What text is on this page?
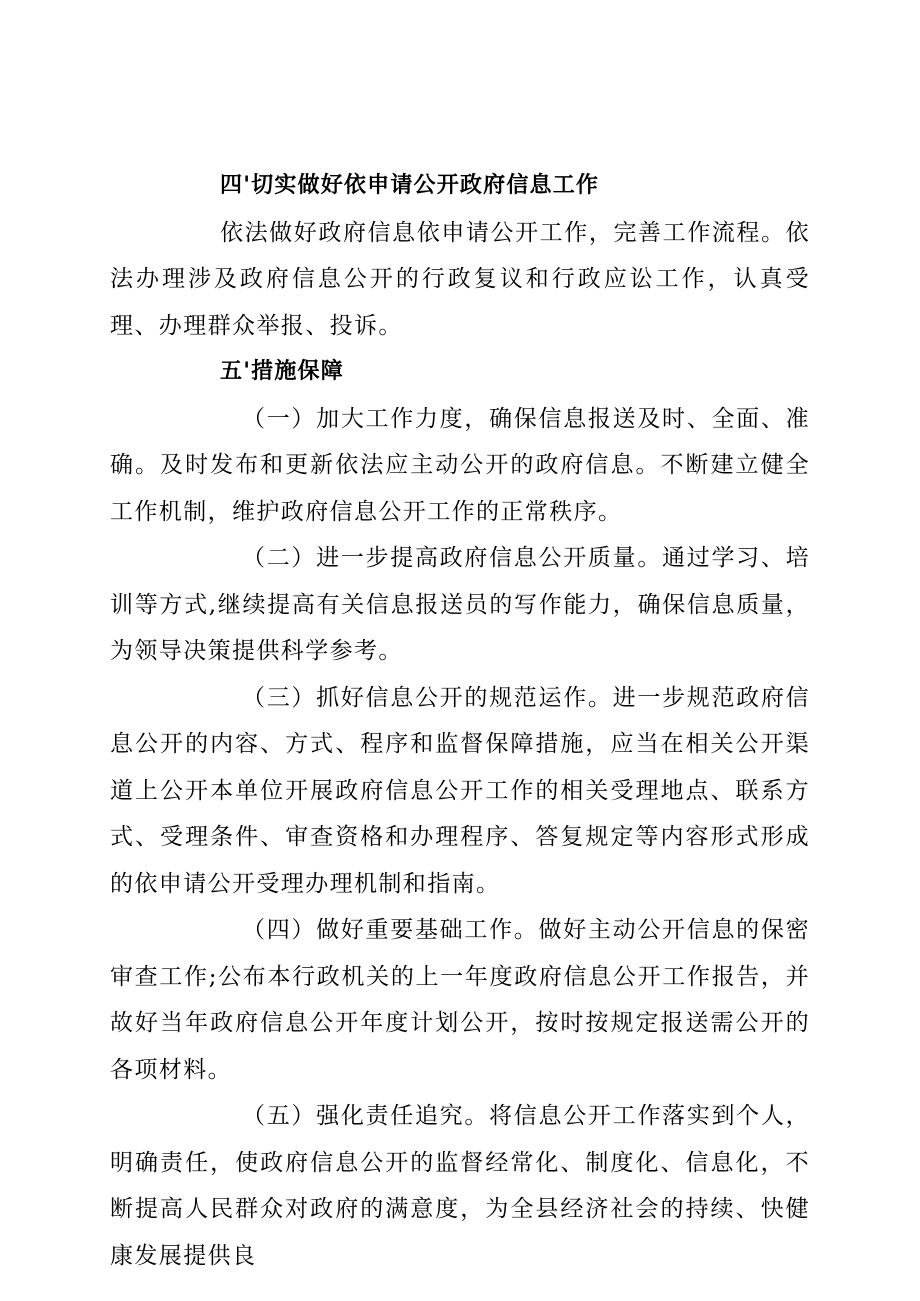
四'切实做好依申请公开政府信息工作

依法做好政府信息依申请公开工作，完善工作流程。依法办理涉及政府信息公开的行政复议和行政应讼工作，认真受理、办理群众举报、投诉。

五'措施保障

（一）加大工作力度，确保信息报送及时、全面、准确。及时发布和更新依法应主动公开的政府信息。不断建立健全工作机制，维护政府信息公开工作的正常秩序。

（二）进一步提高政府信息公开质量。通过学习、培训等方式,继续提高有关信息报送员的写作能力，确保信息质量，为领导决策提供科学参考。

（三）抓好信息公开的规范运作。进一步规范政府信息公开的内容、方式、程序和监督保障措施，应当在相关公开渠道上公开本单位开展政府信息公开工作的相关受理地点、联系方式、受理条件、审查资格和办理程序、答复规定等内容形式形成的依申请公开受理办理机制和指南。

（四）做好重要基础工作。做好主动公开信息的保密审查工作;公布本行政机关的上一年度政府信息公开工作报告，并故好当年政府信息公开年度计划公开，按时按规定报送需公开的各项材料。

（五）强化责任追究。将信息公开工作落实到个人，明确责任，使政府信息公开的监督经常化、制度化、信息化，不断提高人民群众对政府的满意度，为全县经济社会的持续、快健康发展提供良
